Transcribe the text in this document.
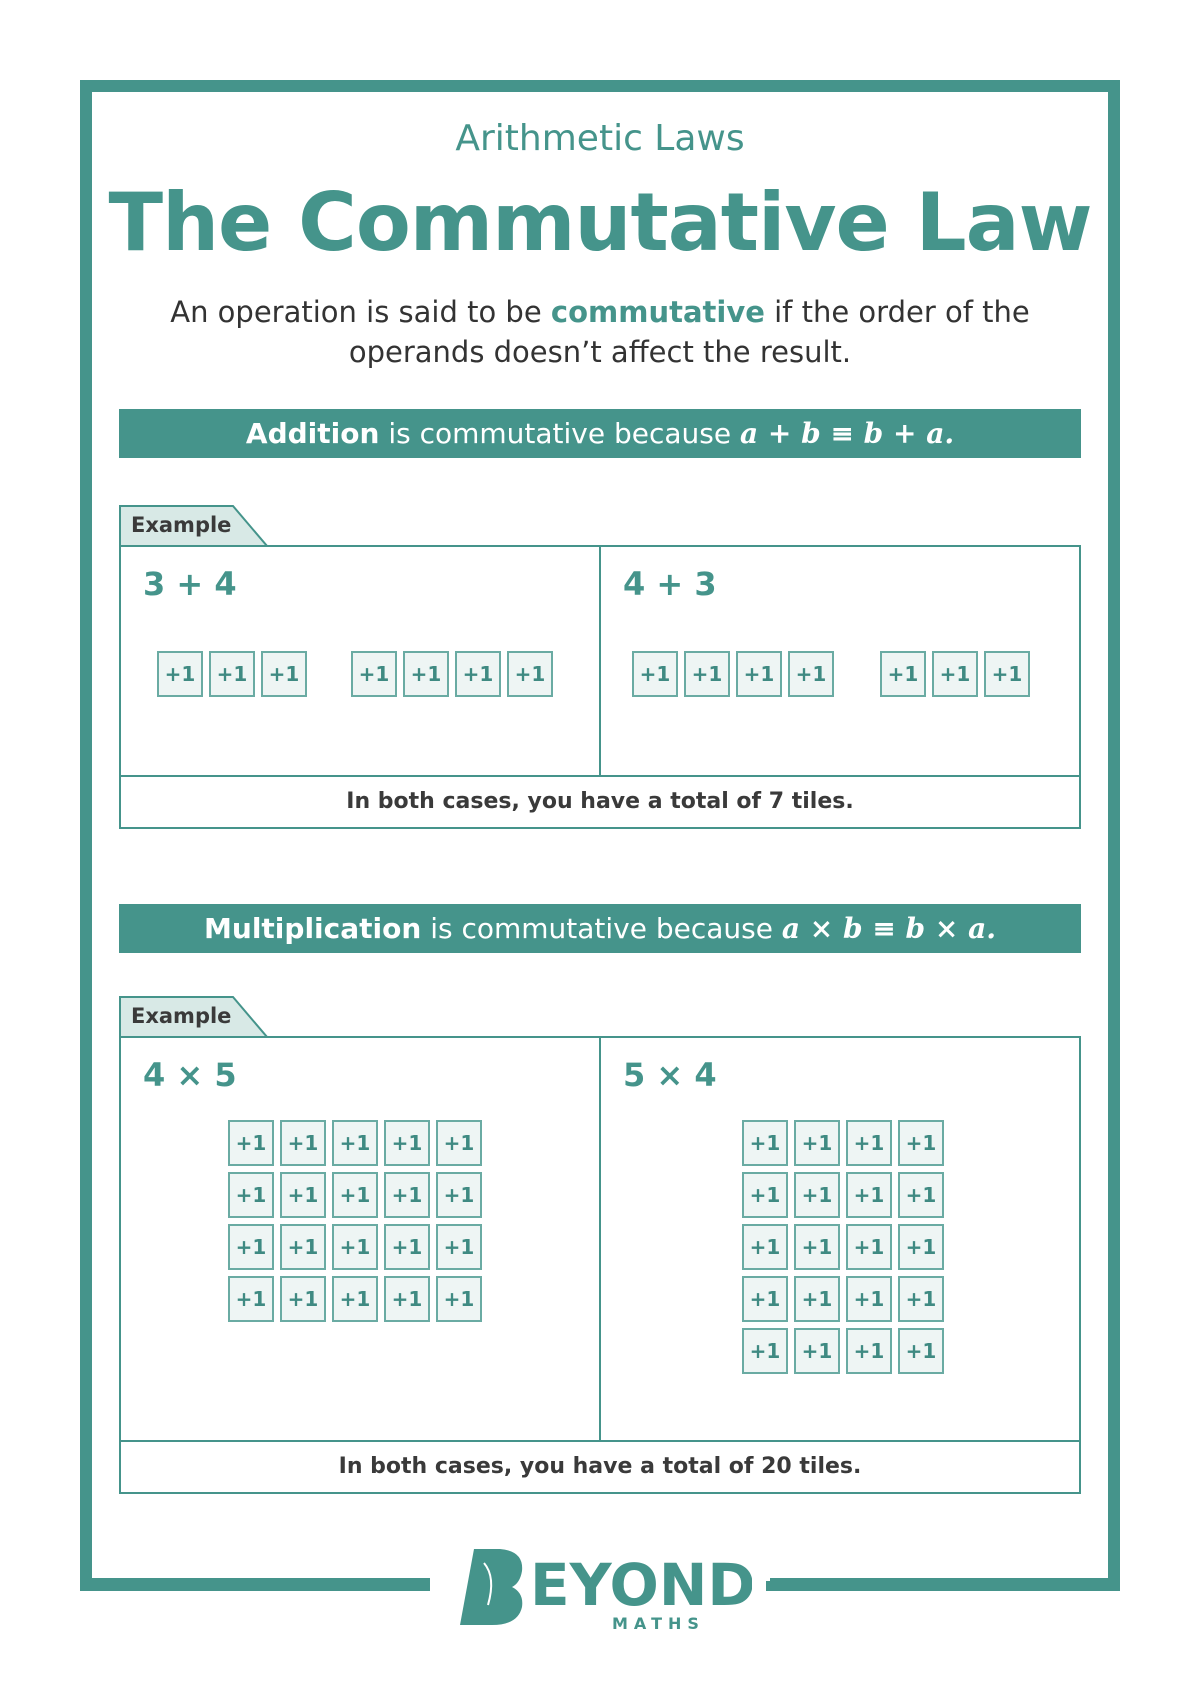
Arithmetic Laws
The Commutative Law
An operation is said to be commutative if the order of the operands doesn’t affect the result.
Addition is commutative because a + b ≡ b + a.
Example
3 + 4
+1	+1	+1	+1	+1	+1	+1
4 + 3
+1	+1	+1	+1	+1	+1	+1
In both cases, you have a total of 7 tiles.
Multiplication is commutative because a × b ≡ b × a.
Example
4 × 5
+1	+1	+1	+1	+1
+1	+1	+1	+1	+1
+1	+1	+1	+1	+1
+1	+1	+1	+1	+1
5 × 4
+1	+1	+1	+1
+1	+1	+1	+1
+1	+1	+1	+1
+1	+1	+1	+1
+1	+1	+1	+1
In both cases, you have a total of 20 tiles.
EYOND
MATHS
